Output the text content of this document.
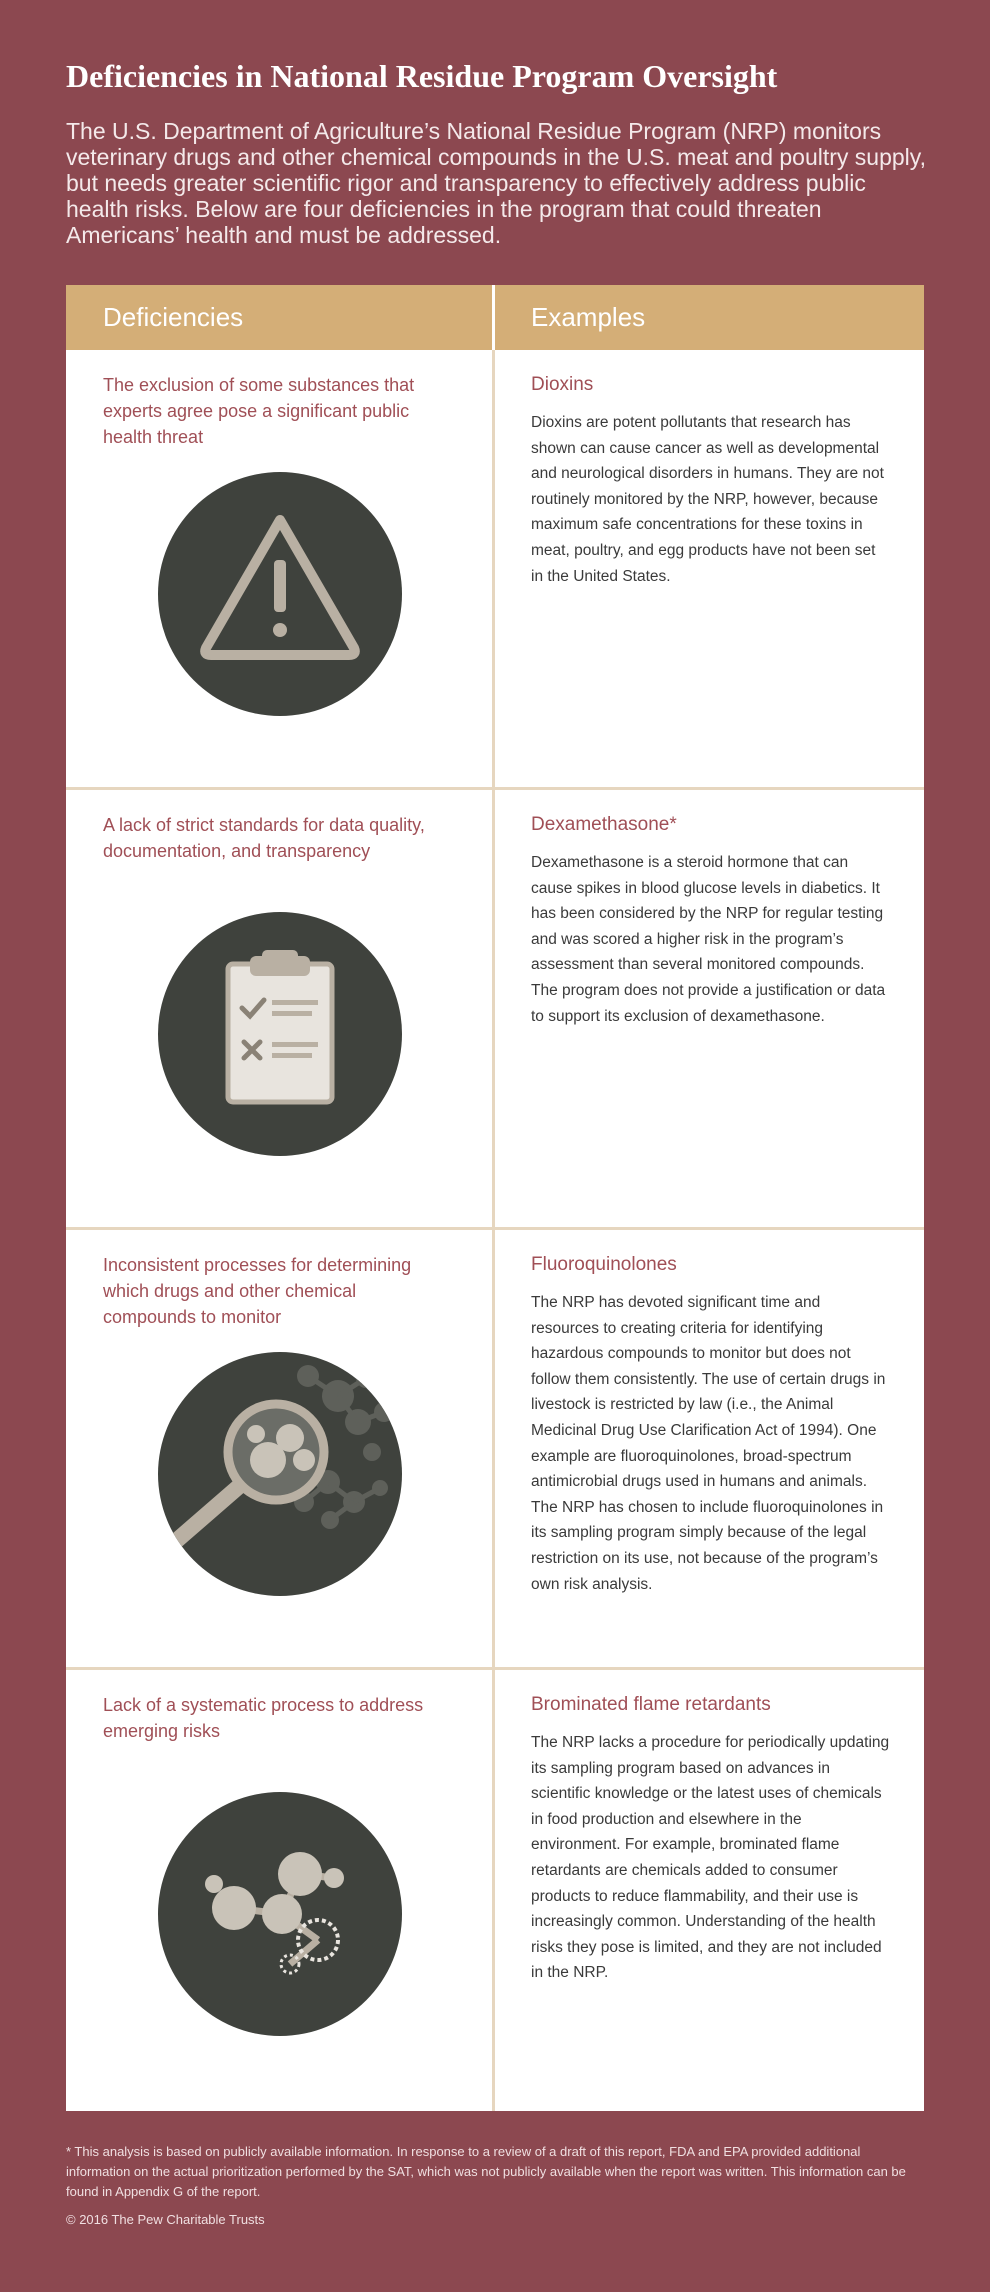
Deficiencies in National Residue Program Oversight
The U.S. Department of Agriculture’s National Residue Program (NRP) monitors veterinary drugs and other chemical compounds in the U.S. meat and poultry supply, but needs greater scientific rigor and transparency to effectively address public health risks. Below are four deficiencies in the program that could threaten Americans’ health and must be addressed.
Deficiencies	Examples
The exclusion of some substances that experts agree pose a significant public health threat
Dioxins
Dioxins are potent pollutants that research has shown can cause cancer as well as developmental and neurological disorders in humans. They are not routinely monitored by the NRP, however, because maximum safe concentrations for these toxins in meat, poultry, and egg products have not been set in the United States.
A lack of strict standards for data quality, documentation, and transparency
Dexamethasone*
Dexamethasone is a steroid hormone that can cause spikes in blood glucose levels in diabetics. It has been considered by the NRP for regular testing and was scored a higher risk in the program’s assessment than several monitored compounds. The program does not provide a justification or data to support its exclusion of dexamethasone.
Inconsistent processes for determining which drugs and other chemical compounds to monitor
Fluoroquinolones
The NRP has devoted significant time and resources to creating criteria for identifying hazardous compounds to monitor but does not follow them consistently. The use of certain drugs in livestock is restricted by law (i.e., the Animal Medicinal Drug Use Clarification Act of 1994). One example are fluoroquinolones, broad-spectrum antimicrobial drugs used in humans and animals. The NRP has chosen to include fluoroquinolones in its sampling program simply because of the legal restriction on its use, not because of the program’s own risk analysis.
Lack of a systematic process to address emerging risks
Brominated flame retardants
The NRP lacks a procedure for periodically updating its sampling program based on advances in scientific knowledge or the latest uses of chemicals in food production and elsewhere in the environment. For example, brominated flame retardants are chemicals added to consumer products to reduce flammability, and their use is increasingly common. Understanding of the health risks they pose is limited, and they are not included in the NRP.
* This analysis is based on publicly available information. In response to a review of a draft of this report, FDA and EPA provided additional information on the actual prioritization performed by the SAT, which was not publicly available when the report was written. This information can be found in Appendix G of the report.
© 2016 The Pew Charitable Trusts
